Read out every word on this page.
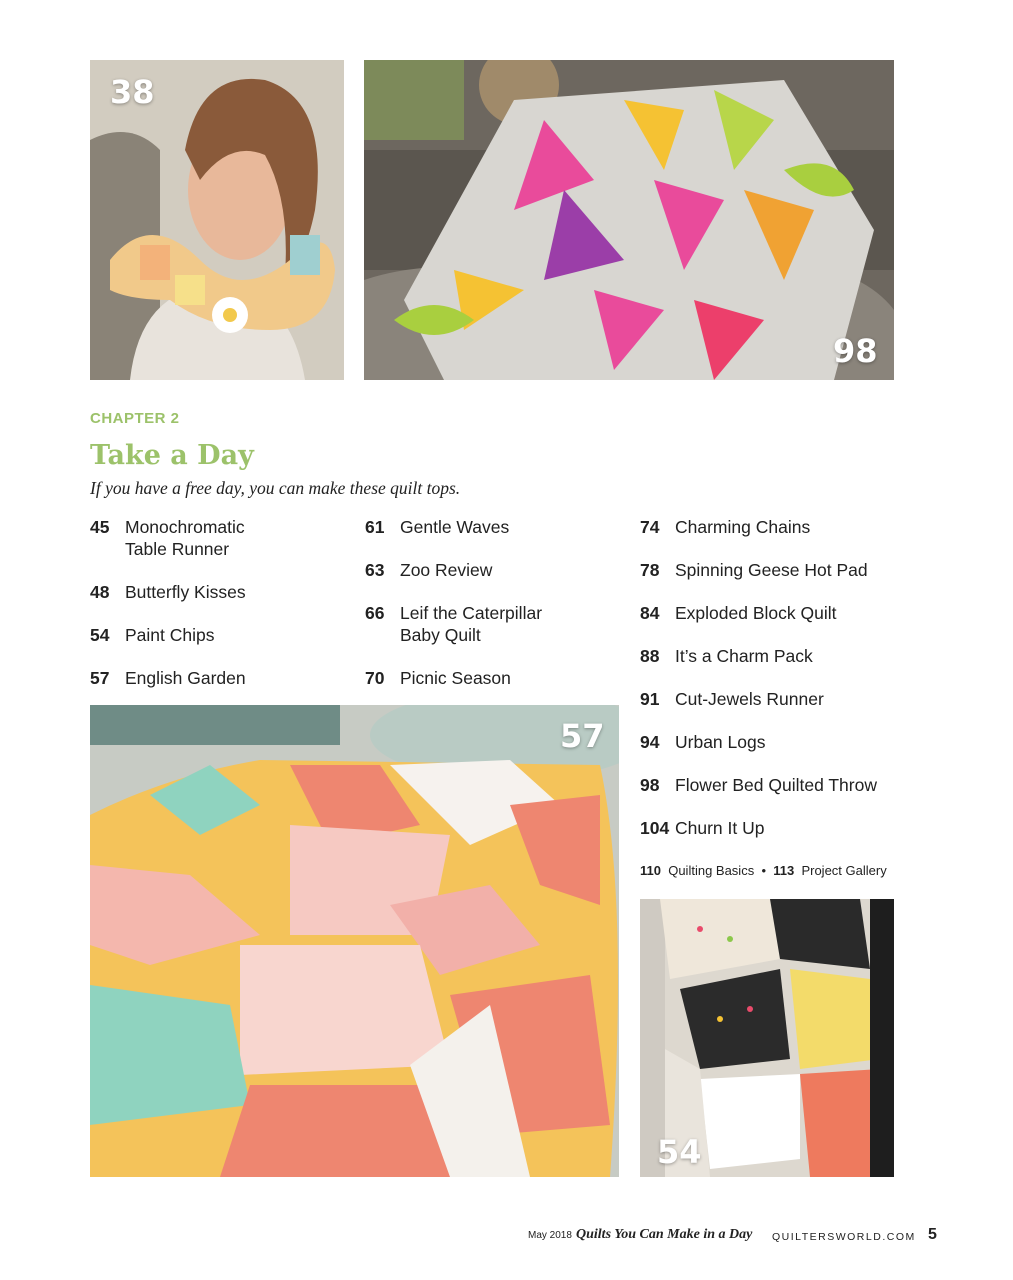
38
98
CHAPTER 2
Take a Day
If you have a free day, you can make these quilt tops.
45 Monochromatic Table Runner
48 Butterfly Kisses
54 Paint Chips
57 English Garden
61 Gentle Waves
63 Zoo Review
66 Leif the Caterpillar Baby Quilt
70 Picnic Season
74 Charming Chains
78 Spinning Geese Hot Pad
84 Exploded Block Quilt
88 It’s a Charm Pack
91 Cut-Jewels Runner
94 Urban Logs
98 Flower Bed Quilted Throw
104 Churn It Up
110 Quilting Basics • 113 Project Gallery
57
54
May 2018 Quilts You Can Make in a Day QUILTERSWORLD.COM 5
